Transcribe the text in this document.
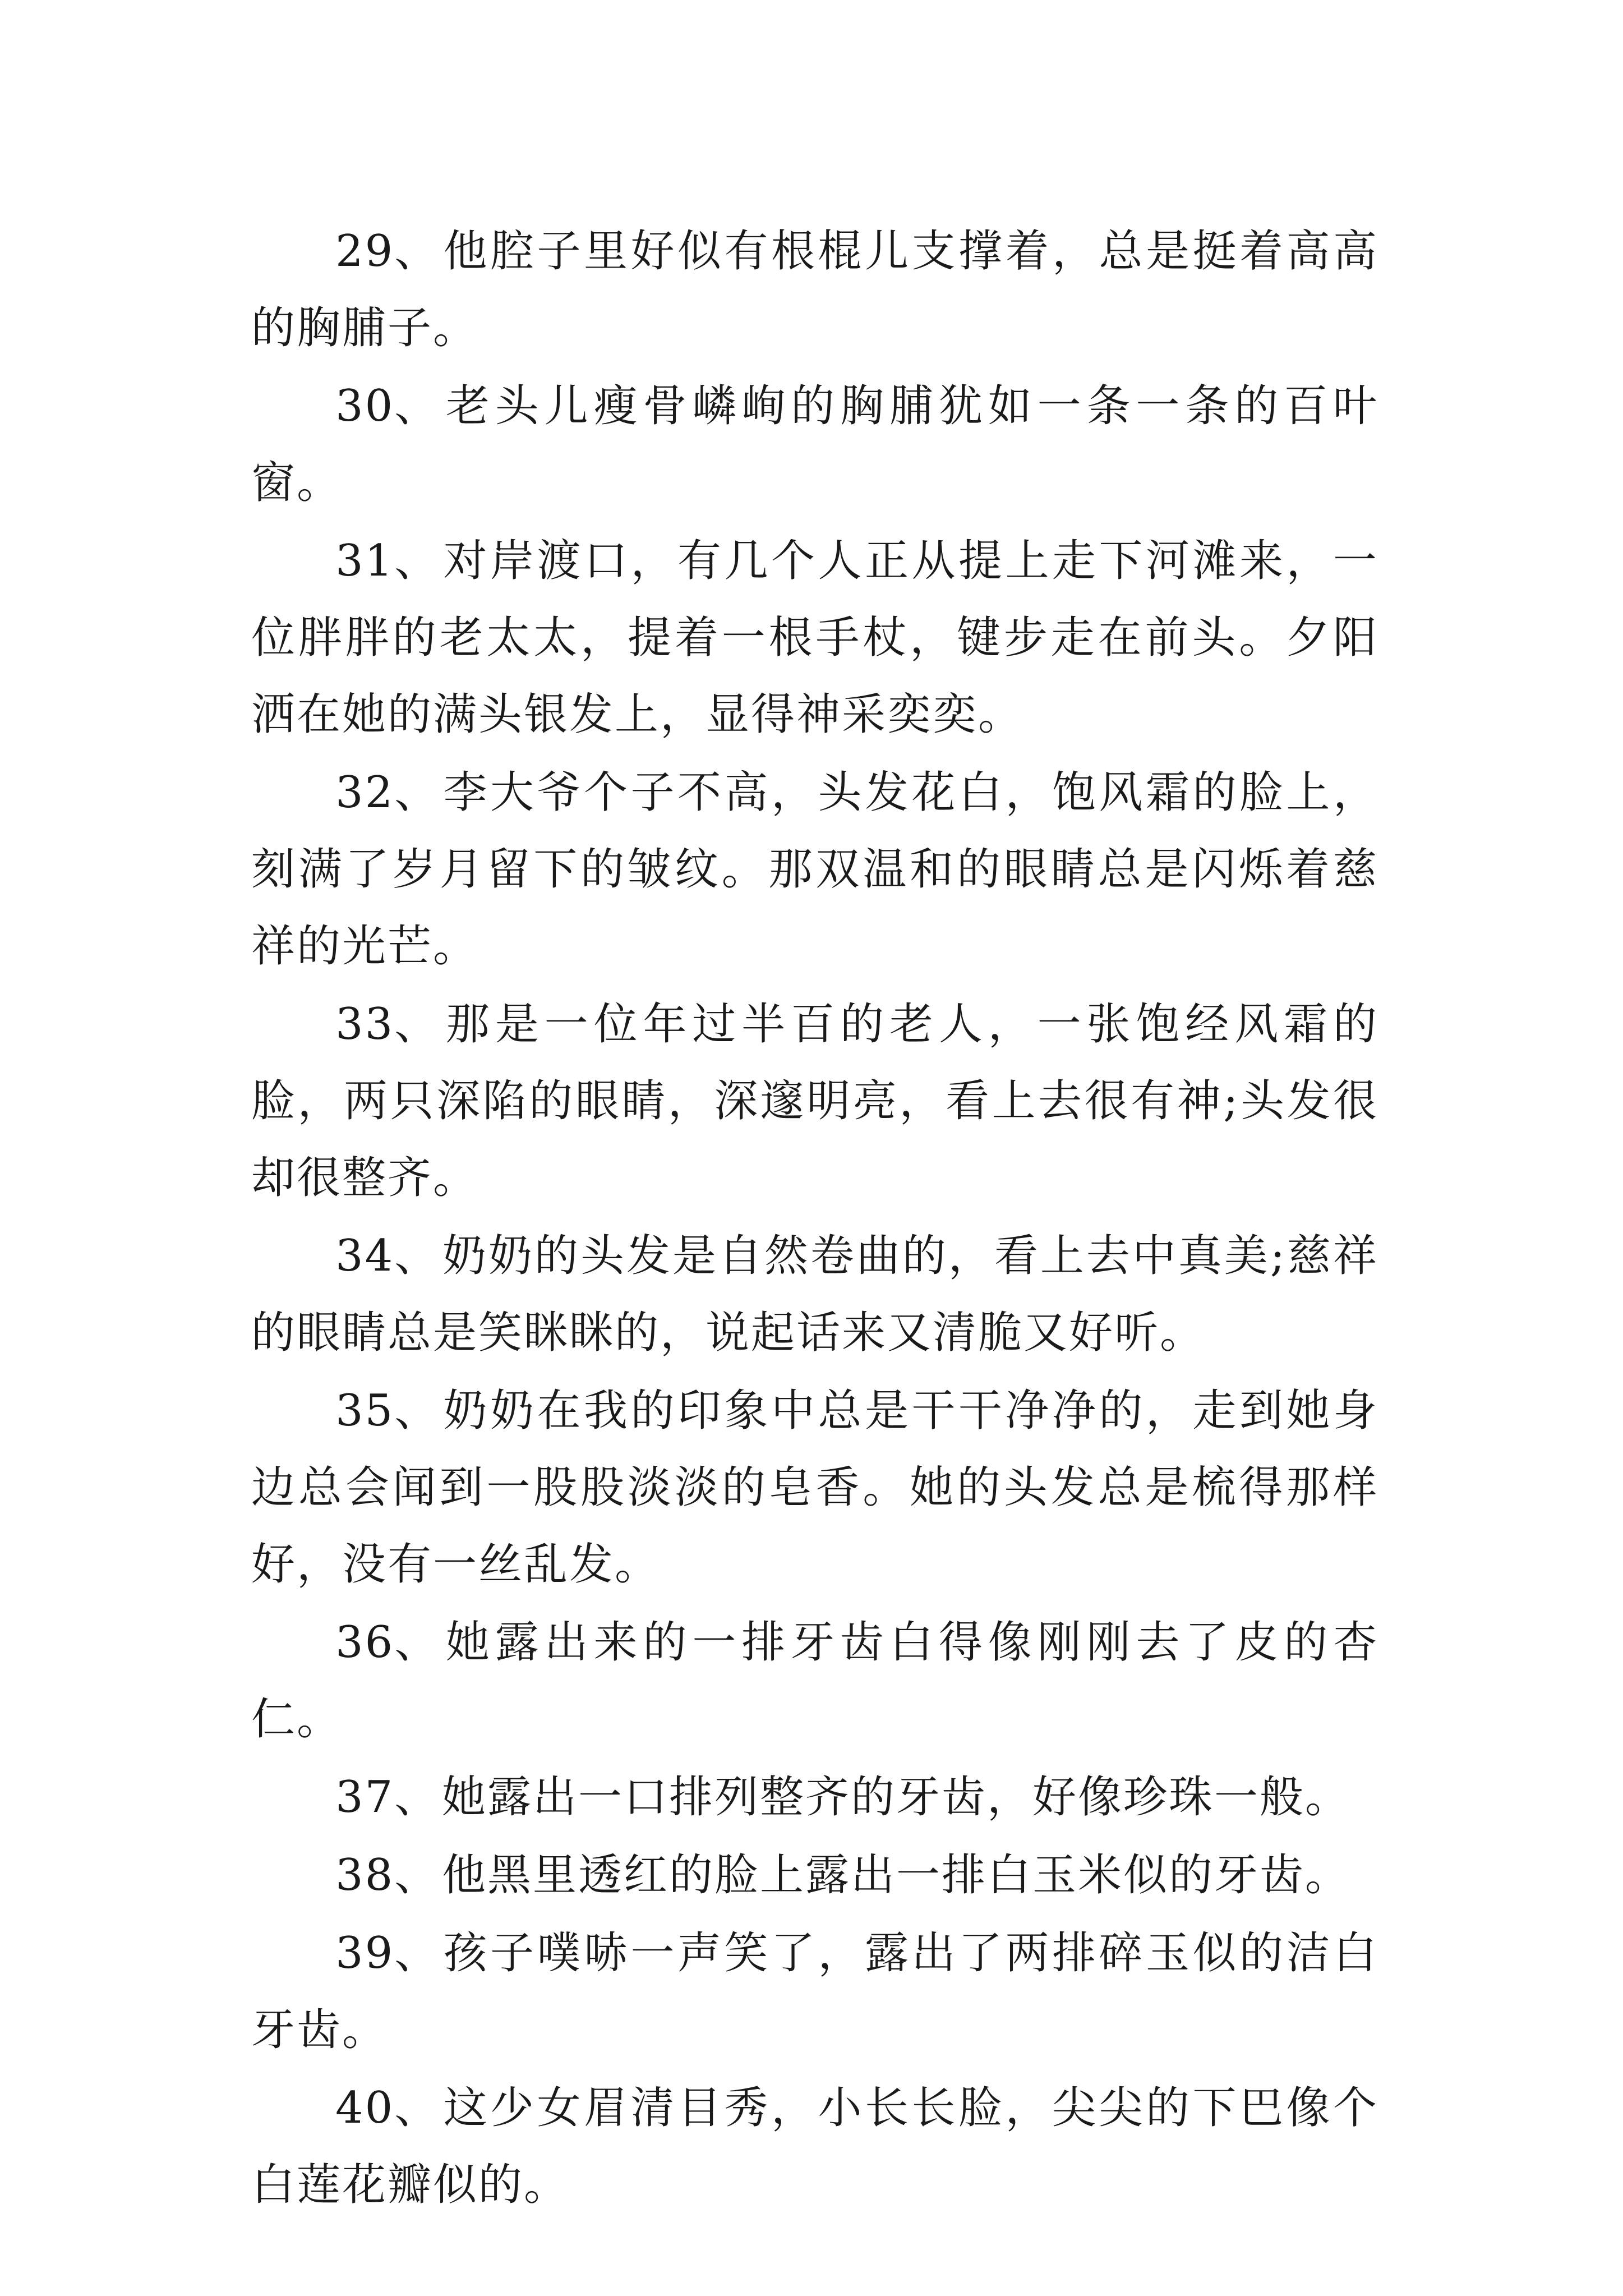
29、他腔子里好似有根棍儿支撑着，总是挺着高高的胸脯子。

30、老头儿瘦骨嶙峋的胸脯犹如一条一条的百叶窗。

31、对岸渡口，有几个人正从提上走下河滩来，一位胖胖的老太太，提着一根手杖，键步走在前头。夕阳洒在她的满头银发上，显得神采奕奕。

32、李大爷个子不高，头发花白，饱风霜的脸上，刻满了岁月留下的皱纹。那双温和的眼睛总是闪烁着慈祥的光芒。

33、那是一位年过半百的老人，一张饱经风霜的脸，两只深陷的眼睛，深邃明亮，看上去很有神;头发很却很整齐。

34、奶奶的头发是自然卷曲的，看上去中真美;慈祥的眼睛总是笑眯眯的，说起话来又清脆又好听。

35、奶奶在我的印象中总是干干净净的，走到她身边总会闻到一股股淡淡的皂香。她的头发总是梳得那样好，没有一丝乱发。

36、她露出来的一排牙齿白得像刚刚去了皮的杏仁。

37、她露出一口排列整齐的牙齿，好像珍珠一般。

38、他黑里透红的脸上露出一排白玉米似的牙齿。

39、孩子噗哧一声笑了，露出了两排碎玉似的洁白牙齿。

40、这少女眉清目秀，小长长脸，尖尖的下巴像个白莲花瓣似的。
